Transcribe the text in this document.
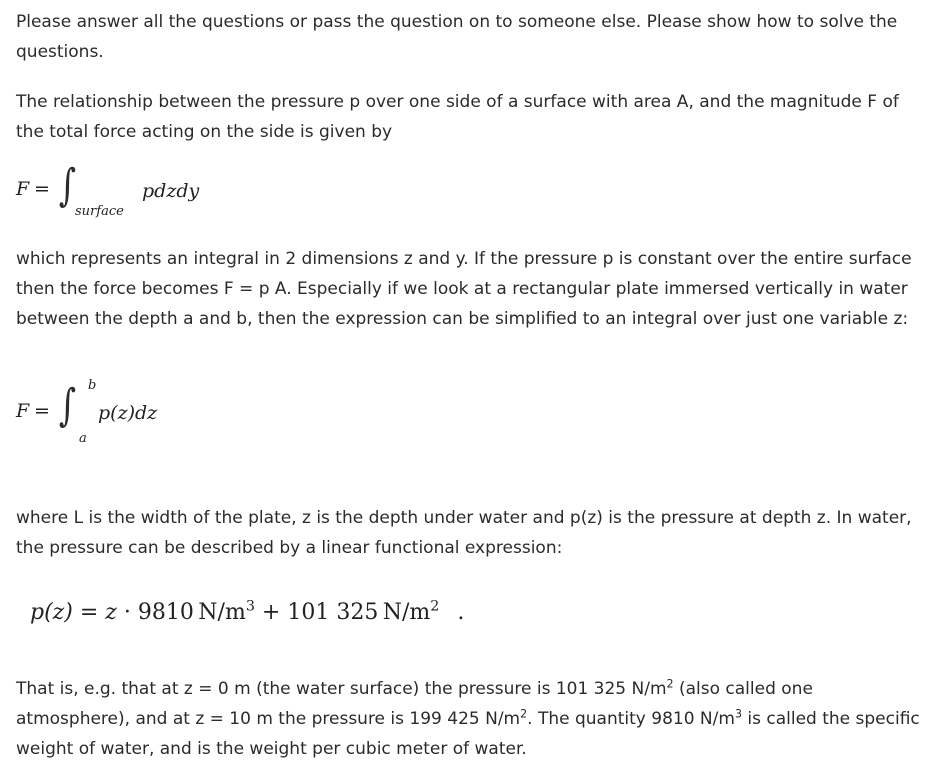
Please answer all the questions or pass the question on to someone else. Please show how to solve the questions.

The relationship between the pressure p over one side of a surface with area A, and the magnitude F of the total force acting on the side is given by

F = ∫
surface
pdzdy

which represents an integral in 2 dimensions z and y. If the pressure p is constant over the entire surface then the force becomes F = p A. Especially if we look at a rectangular plate immersed vertically in water between the depth a and b, then the expression can be simplified to an integral over just one variable z:

F = ∫ b
a
p(z)dz

where L is the width of the plate, z is the depth under water and p(z) is the pressure at depth z. In water, the pressure can be described by a linear functional expression:

p(z) = z · 9810  $N/m^3 + 101$ 325  $N/m^2$   .

That is, e.g. that at z = 0 m (the water surface) the pressure is 101 325 $N/m^2$ (also called one atmosphere), and at z = 10 m the pressure is 199 425 $N/m^2$. The quantity 9810 $N/m^3$ is called the specific weight of water, and is the weight per cubic meter of water.
